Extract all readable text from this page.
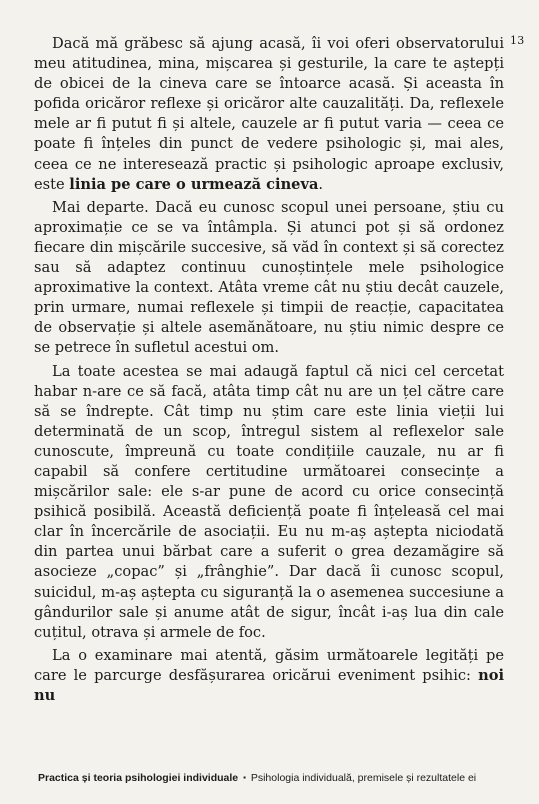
13

Dacă mă grăbesc să ajung acasă, îi voi oferi observatorului meu atitudinea, mina, mișcarea și gesturile, la care te aștepți de obicei de la cineva care se întoarce acasă. Și aceasta în pofida oricăror reflexe și oricăror alte cauzalități. Da, reflexele mele ar fi putut fi și altele, cauzele ar fi putut varia — ceea ce poate fi înțeles din punct de vedere psihologic și, mai ales, ceea ce ne interesează practic și psihologic aproape exclusiv, este linia pe care o urmează cineva.

Mai departe. Dacă eu cunosc scopul unei persoane, știu cu aproximație ce se va întâmpla. Și atunci pot și să ordonez fiecare din mișcările succesive, să văd în context și să corectez sau să adaptez continuu cunoștințele mele psihologice aproximative la context. Atâta vreme cât nu știu decât cauzele, prin urmare, numai reflexele și timpii de reacție, capacitatea de observație și altele asemănătoare, nu știu nimic despre ce se petrece în sufletul acestui om.

La toate acestea se mai adaugă faptul că nici cel cercetat habar n-are ce să facă, atâta timp cât nu are un țel către care să se îndrepte. Cât timp nu știm care este linia vieții lui determinată de un scop, întregul sistem al reflexelor sale cunoscute, împreună cu toate condițiile cauzale, nu ar fi capabil să confere certitudine următoarei consecințe a mișcărilor sale: ele s-ar pune de acord cu orice consecință psihică posibilă. Această deficiență poate fi înțeleasă cel mai clar în încercările de asociații. Eu nu m-aș aștepta niciodată din partea unui bărbat care a suferit o grea dezamăgire să asocieze „copac” și „frânghie”. Dar dacă îi cunosc scopul, suicidul, m-aș aștepta cu siguranță la o asemenea succesiune a gândurilor sale și anume atât de sigur, încât i-aș lua din cale cuțitul, otrava și armele de foc.

La o examinare mai atentă, găsim următoarele legități pe care le parcurge desfășurarea oricărui eveniment psihic: noi nu

Practica și teoria psihologiei individuale ▪ Psihologia individuală, premisele și rezultatele ei
